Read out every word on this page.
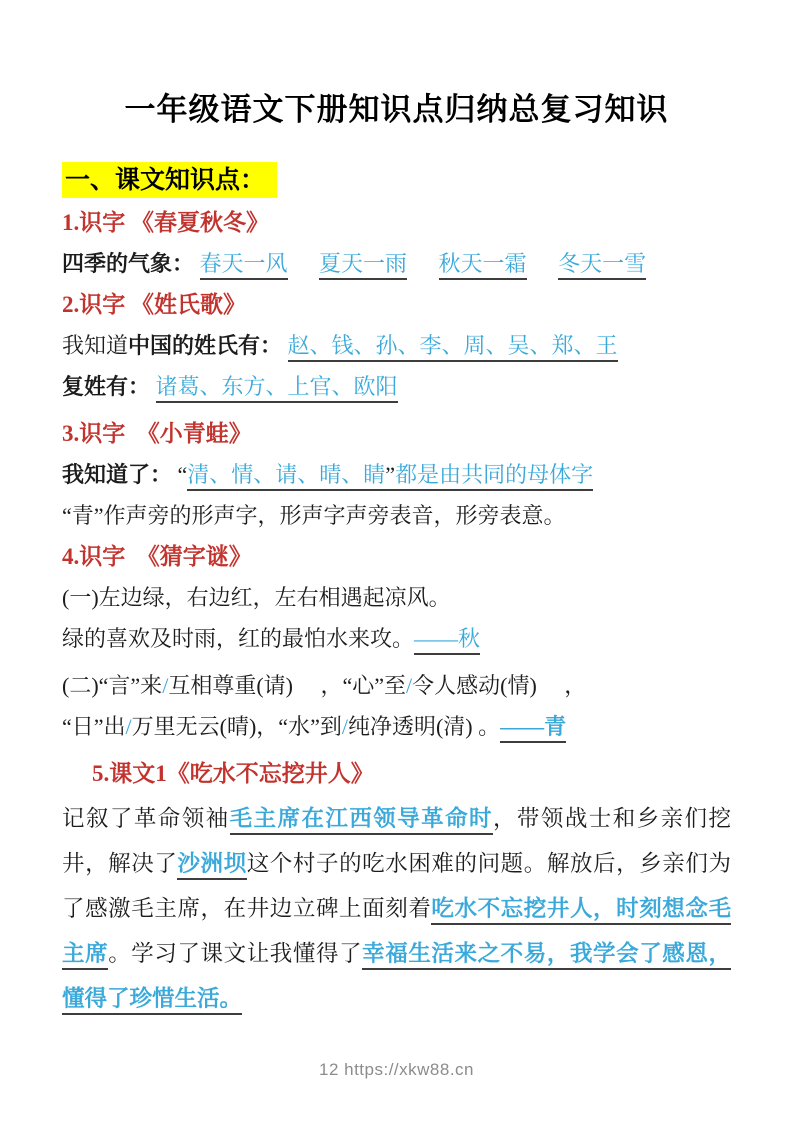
一年级语文下册知识点归纳总复习知识
一、课文知识点：
1.识字 《春夏秋冬》
四季的气象： 春天一风 夏天一雨 秋天一霜 冬天一雪
2.识字 《姓氏歌》
我知道中国的姓氏有： 赵、钱、孙、李、周、吴、郑、王
复姓有： 诸葛、东方、上官、欧阳
3.识字　《小青蛙》
我知道了： “清、情、请、晴、睛”都是由共同的母体字
“青”作声旁的形声字，形声字声旁表音，形旁表意。
4.识字　《猜字谜》
(一)左边绿，右边红，左右相遇起凉风。
绿的喜欢及时雨，红的最怕水来攻。——秋
(二)“言”来/互相尊重(请)　 ，“心”至/令人感动(情)　 ，
“日”出/万里无云(晴)，“水”到/纯净透明(清) 。——青
5.课文1《吃水不忘挖井人》

记叙了革命领袖毛主席在江西领导革命时，带领战士和乡亲们挖井，解决了沙洲坝这个村子的吃水困难的问题。解放后，乡亲们为了感激毛主席，在井边立碑上面刻着吃水不忘挖井人，时刻想念毛主席。学习了课文让我懂得了幸福生活来之不易，我学会了感恩，懂得了珍惜生活。

12 https://xkw88.cn
